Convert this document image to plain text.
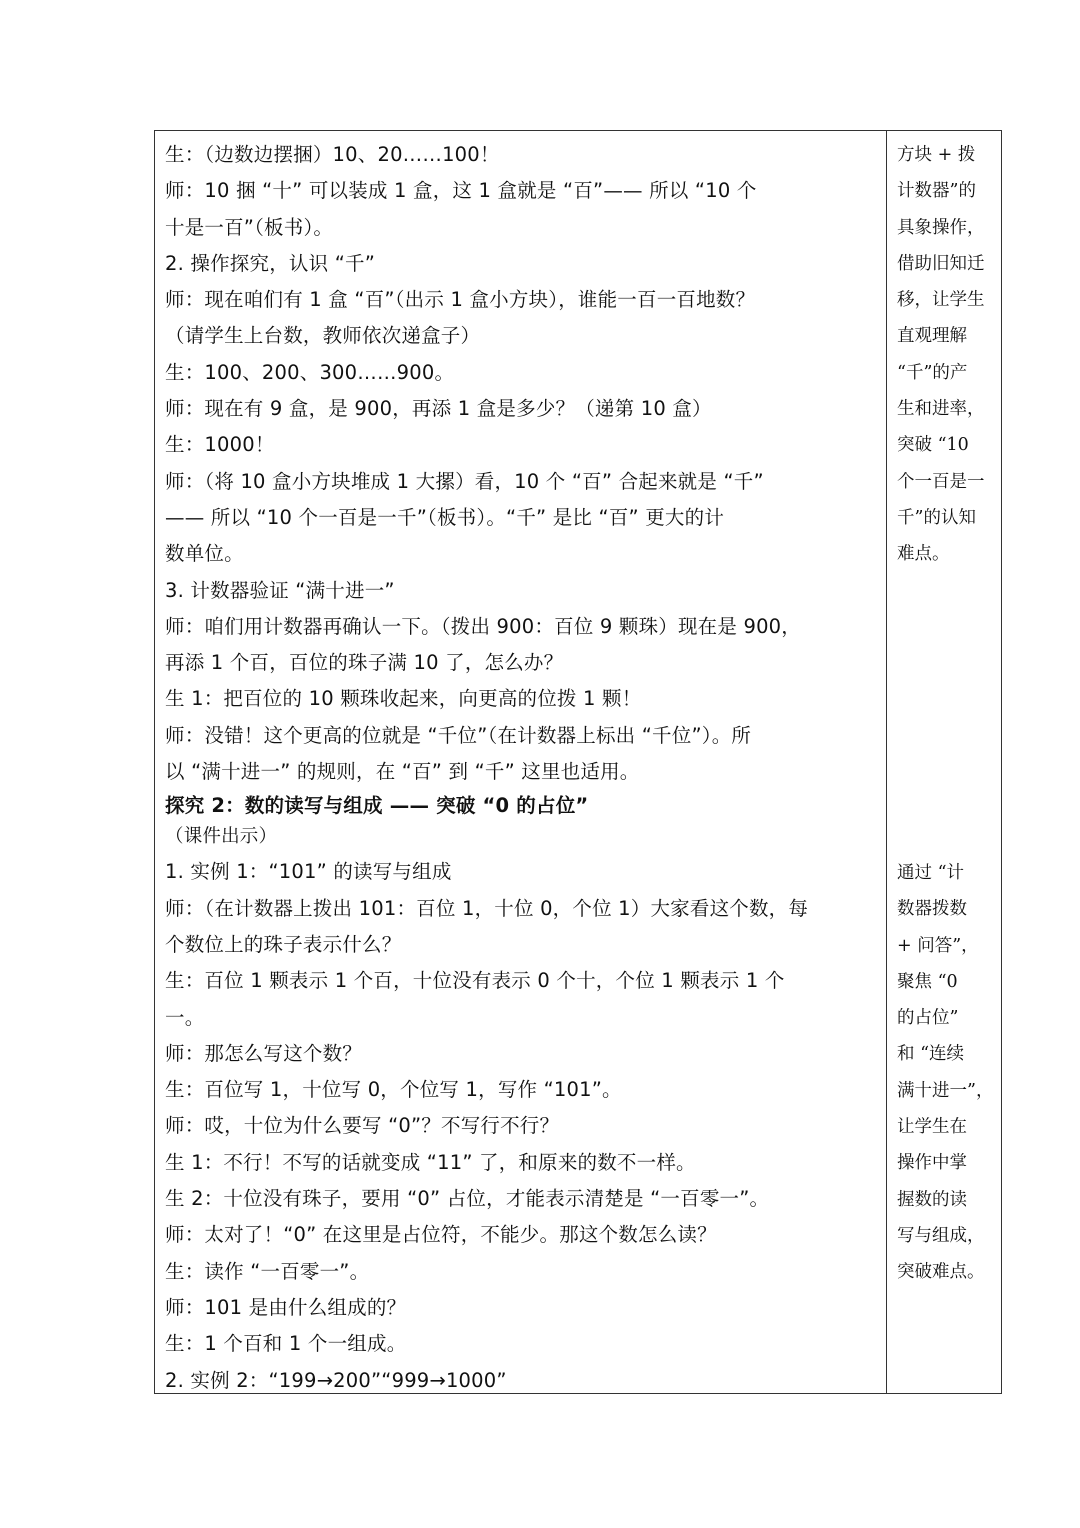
生：（边数边摆捆）10、20……100！
师：10 捆 “十” 可以装成 1 盒，这 1 盒就是 “百”—— 所以 “10 个
十是一百”（板书）。
2. 操作探究，认识 “千”
师：现在咱们有 1 盒 “百”（出示 1 盒小方块），谁能一百一百地数？
（请学生上台数，教师依次递盒子）
生：100、200、300……900。
师：现在有 9 盒，是 900，再添 1 盒是多少？（递第 10 盒）
生：1000！
师：（将 10 盒小方块堆成 1 大摞）看，10 个 “百” 合起来就是 “千”
—— 所以 “10 个一百是一千”（板书）。“千” 是比 “百” 更大的计
数单位。
3. 计数器验证 “满十进一”
师：咱们用计数器再确认一下。（拨出 900：百位 9 颗珠）现在是 900，
再添 1 个百，百位的珠子满 10 了，怎么办？
生 1：把百位的 10 颗珠收起来，向更高的位拨 1 颗！
师：没错！这个更高的位就是 “千位”（在计数器上标出 “千位”）。所
以 “满十进一” 的规则，在 “百” 到 “千” 这里也适用。
探究 2：数的读写与组成 —— 突破 “0 的占位”
（课件出示）
1. 实例 1：“101” 的读写与组成
师：（在计数器上拨出 101：百位 1，十位 0，个位 1）大家看这个数，每
个数位上的珠子表示什么？
生：百位 1 颗表示 1 个百，十位没有表示 0 个十，个位 1 颗表示 1 个
一。
师：那怎么写这个数？
生：百位写 1，十位写 0，个位写 1，写作 “101”。
师：哎，十位为什么要写 “0”？不写行不行？
生 1：不行！不写的话就变成 “11” 了，和原来的数不一样。
生 2：十位没有珠子，要用 “0” 占位，才能表示清楚是 “一百零一”。
师：太对了！“0” 在这里是占位符，不能少。那这个数怎么读？
生：读作 “一百零一”。
师：101 是由什么组成的？
生：1 个百和 1 个一组成。
2. 实例 2：“199→200”“999→1000”
方块 + 拨
计数器”的
具象操作，
借助旧知迁
移，让学生
直观理解
“千”的产
生和进率，
突破 “10
个一百是一
千”的认知
难点。
通过 “计
数器拨数
+ 问答”，
聚焦 “0
的占位”
和 “连续
满十进一”，
让学生在
操作中掌
握数的读
写与组成，
突破难点。
